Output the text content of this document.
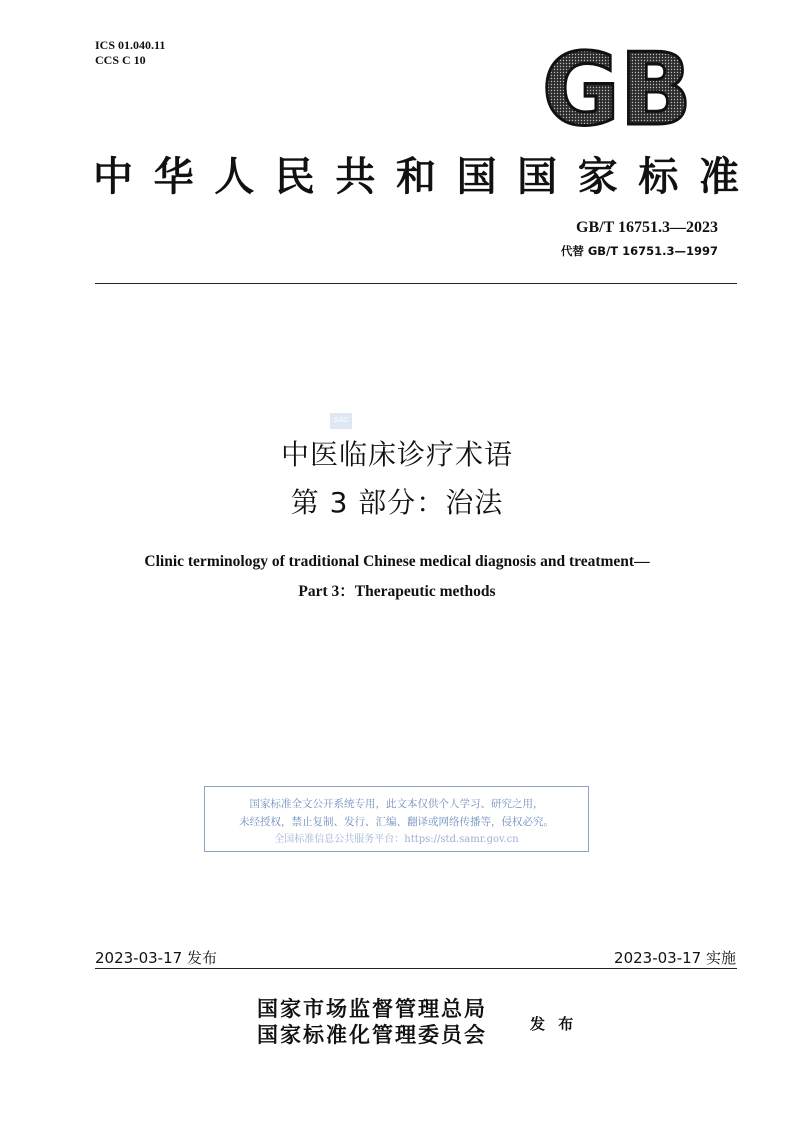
ICS 01.040.11
CCS C 10	GB
中 华 人 民 共 和 国 国 家 标 准
GB/T 16751.3—2023
代替 GB/T 16751.3—1997
SAC
中医临床诊疗术语
第 3 部分：治法
Clinic terminology of traditional Chinese medical diagnosis and treatment—
Part 3：Therapeutic methods
国家标准全文公开系统专用，此文本仅供个人学习、研究之用，
未经授权，禁止复制、发行、汇编、翻译或网络传播等，侵权必究。
全国标准信息公共服务平台：https://std.samr.gov.cn
2023-03-17 发布	2023-03-17 实施
国家市场监督管理总局
国家标准化管理委员会	发 布
